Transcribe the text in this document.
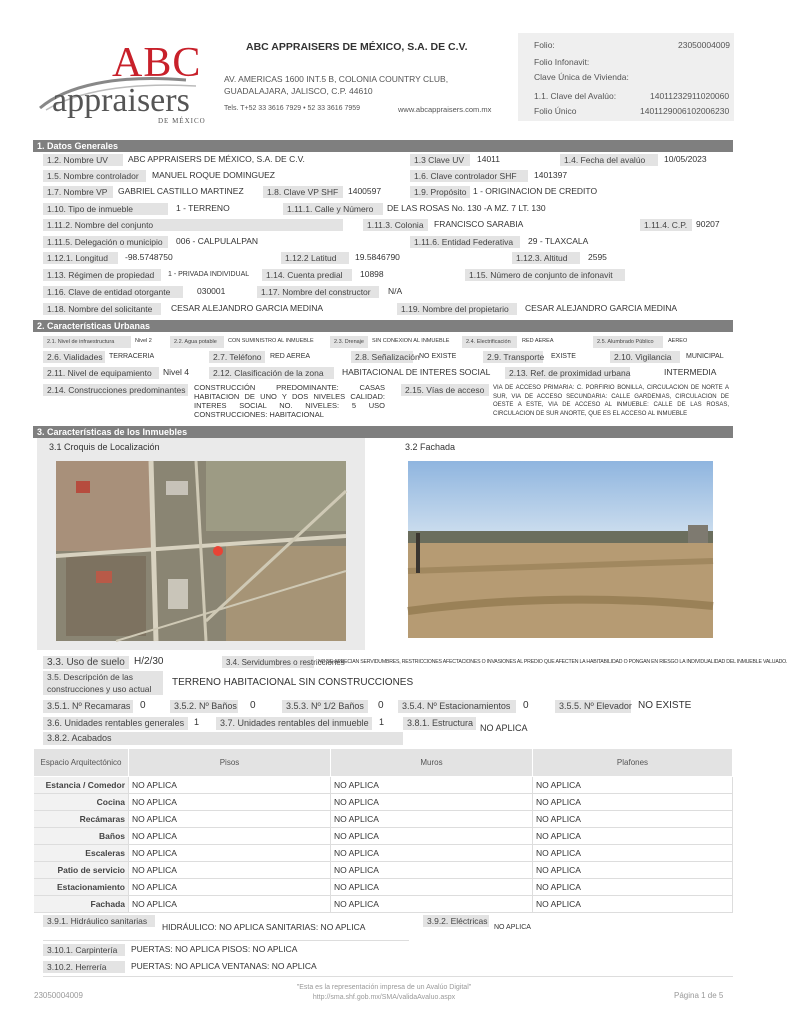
ABC
appraisers
DE MÉXICO
ABC APPRAISERS DE MÉXICO, S.A. DE C.V.
AV. AMERICAS 1600 INT.5 B, COLONIA COUNTRY CLUB,
GUADALAJARA, JALISCO, C.P. 44610
Tels. T+52 33 3616 7929 • 52 33 3616 7959	www.abcappraisers.com.mx
Folio:	23050004009
Folio Infonavit:
Clave Única de Vivienda:
1.1. Clave del Avalúo:	14011232911020060
Folio Único	1401129006102006230
1. Datos Generales
1.2. Nombre UV	ABC APPRAISERS DE MÉXICO, S.A. DE C.V.	1.3 Clave UV	14011	1.4. Fecha del avalúo	10/05/2023
1.5. Nombre controlador	MANUEL ROQUE DOMINGUEZ	1.6. Clave controlador SHF	1401397
1.7. Nombre VP	GABRIEL CASTILLO MARTINEZ	1.8. Clave VP SHF	1400597	1.9. Propósito 1 - ORIGINACION DE CREDITO
1.10. Tipo de inmueble	1 - TERRENO	1.11.1. Calle y Número	DE LAS ROSAS No. 130 -A MZ. 7 LT. 130
1.11.2. Nombre del conjunto	1.11.3. Colonia	FRANCISCO SARABIA	1.11.4. C.P.	90207
1.11.5. Delegación o municipio	006 - CALPULALPAN	1.11.6. Entidad Federativa	29 - TLAXCALA
1.12.1. Longitud	-98.5748750	1.12.2 Latitud	19.5846790	1.12.3. Altitud	2595
1.13. Régimen de propiedad	1 - PRIVADA INDIVIDUAL	1.14. Cuenta predial	10898	1.15. Número de conjunto de infonavit
1.16. Clave de entidad otorgante	030001	1.17. Nombre del constructor	N/A
1.18. Nombre del solicitante	CESAR ALEJANDRO GARCIA MEDINA	1.19. Nombre del propietario	CESAR ALEJANDRO GARCIA MEDINA
2. Características Urbanas
2.1. Nivel de infraestructura	Nivel 2	2.2. Agua potable	CON SUMINISTRO AL INMUEBLE	2.3. Drenaje	SIN CONEXION AL INMUEBLE	2.4. Electrificación	RED AEREA	2.5. Alumbrado Público	AEREO
2.6. Vialidades TERRACERIA	2.7. Teléfono	RED AEREA	2.8. Señalización NO EXISTE	2.9. Transporte EXISTE	2.10. Vigilancia	MUNICIPAL
2.11. Nivel de equipamiento	Nivel 4	2.12. Clasificación de la zona	HABITACIONAL DE INTERES SOCIAL	2.13. Ref. de proximidad urbana	INTERMEDIA
2.14. Construcciones predominantes	CONSTRUCCIÓN PREDOMINANTE: CASAS HABITACION DE UNO Y DOS NIVELES CALIDAD: INTERES SOCIAL NO. NIVELES: 5 USO CONSTRUCCIONES: HABITACIONAL
2.15. Vías de acceso	VIA DE ACCESO PRIMARIA: C. PORFIRIO BONILLA, CIRCULACION DE NORTE A SUR, VIA DE ACCESO SECUNDARIA: CALLE GARDENIAS, CIRCULACION DE OESTE A ESTE, VIA DE ACCESO AL INMUEBLE: CALLE DE LAS ROSAS, CIRCULACION DE SUR ANORTE, QUE ES EL ACCESO AL INMUEBLE
3. Características de los Inmuebles
3.1 Croquis de Localización	3.2 Fachada
3.3. Uso de suelo H/2/30	3.4. Servidumbres o restricciones
NO SE APRECIAN SERVIDUMBRES, RESTRICCIONES AFECTACIONES O INVASIONES AL PREDIO QUE AFECTEN LA HABITABILIDAD O PONGAN EN RIESGO LA INDIVIDUALIDAD DEL INMUEBLE VALUADO.
3.5. Descripción de las
construcciones y uso actual
TERRENO HABITACIONAL SIN CONSTRUCCIONES
3.5.1. Nº Recamaras 0	3.5.2. Nº Baños 0	3.5.3. Nº 1/2 Baños	0	3.5.4. Nº Estacionamientos	0	3.5.5. Nº Elevador NO EXISTE
3.6. Unidades rentables generales	1	3.7. Unidades rentables del inmueble	1	3.8.1. Estructura NO APLICA
3.8.2. Acabados
Espacio Arquitectónico	Pisos	Muros	Plafones
Estancia / Comedor	NO APLICA	NO APLICA	NO APLICA
Cocina	NO APLICA	NO APLICA	NO APLICA
Recámaras	NO APLICA	NO APLICA	NO APLICA
Baños	NO APLICA	NO APLICA	NO APLICA
Escaleras	NO APLICA	NO APLICA	NO APLICA
Patio de servicio	NO APLICA	NO APLICA	NO APLICA
Estacionamiento	NO APLICA	NO APLICA	NO APLICA
Fachada	NO APLICA	NO APLICA	NO APLICA
3.9.1. Hidráulico sanitarias
HIDRÁULICO: NO APLICA SANITARIAS: NO APLICA
3.9.2. Eléctricas
NO APLICA
3.10.1. Carpintería	PUERTAS: NO APLICA PISOS: NO APLICA
3.10.2. Herrería	PUERTAS: NO APLICA VENTANAS: NO APLICA
23050004009
"Esta es la representación impresa de un Avalúo Digital"
http://sma.shf.gob.mx/SMA/validaAvaluo.aspx	Página 1 de 5
